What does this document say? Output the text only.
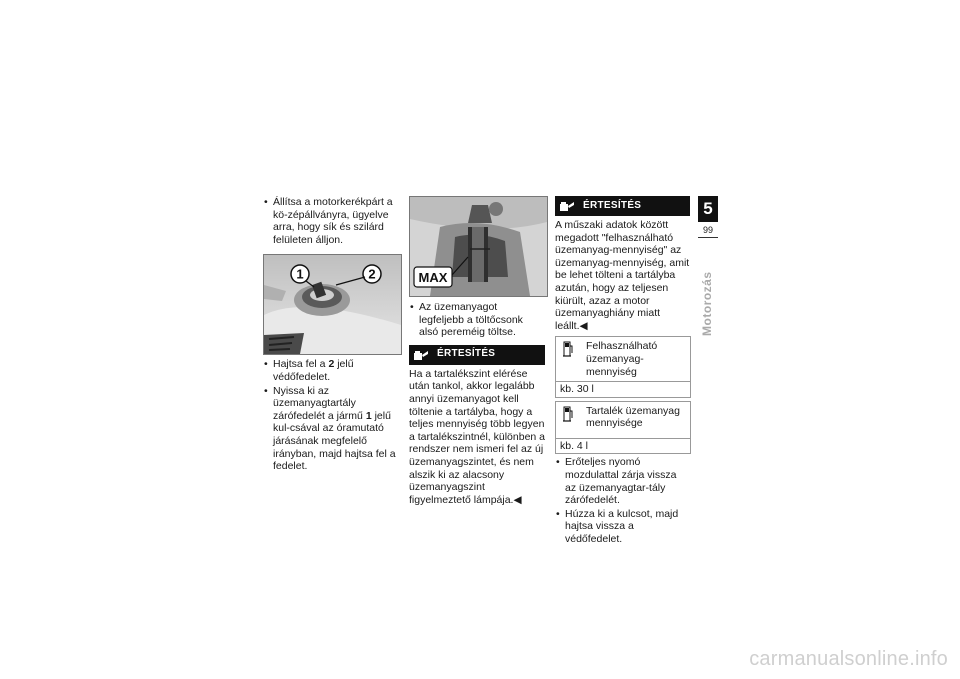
• Állítsa a motorkerékpárt a kö-zépállványra, ügyelve arra, hogy sík és szilárd felületen álljon.
1	2
• Hajtsa fel a 2 jelű védőfedelet.
• Nyissa ki az üzemanyagtartály zárófedelét a jármű 1 jelű kul-csával az óramutató járásának megfelelő irányban, majd hajtsa fel a fedelet.
MAX
• Az üzemanyagot legfeljebb a töltőcsonk alsó pereméig töltse.
ÉRTESÍTÉS

Ha a tartalékszint elérése után tankol, akkor legalább annyi üzemanyagot kell töltenie a tartályba, hogy a teljes mennyiség több legyen a tartalékszintnél, különben a rendszer nem ismeri fel az új üzemanyagszintet, és nem alszik ki az alacsony üzemanyagszint figyelmeztető lámpája.◀

ÉRTESÍTÉS

A műszaki adatok között megadott "felhasználható üzemanyag-mennyiség" az üzemanyag-mennyiség, amit be lehet tölteni a tartályba azután, hogy az teljesen kiürült, azaz a motor üzemanyaghiány miatt leállt.◀

Felhasználható üzemanyag-mennyiség
kb. 30 l
Tartalék üzemanyag mennyisége
kb. 4 l
• Erőteljes nyomó mozdulattal zárja vissza az üzemanyagtar-tály zárófedelét.
• Húzza ki a kulcsot, majd hajtsa vissza a védőfedelet.
5
99
Motorozás
carmanualsonline.info
